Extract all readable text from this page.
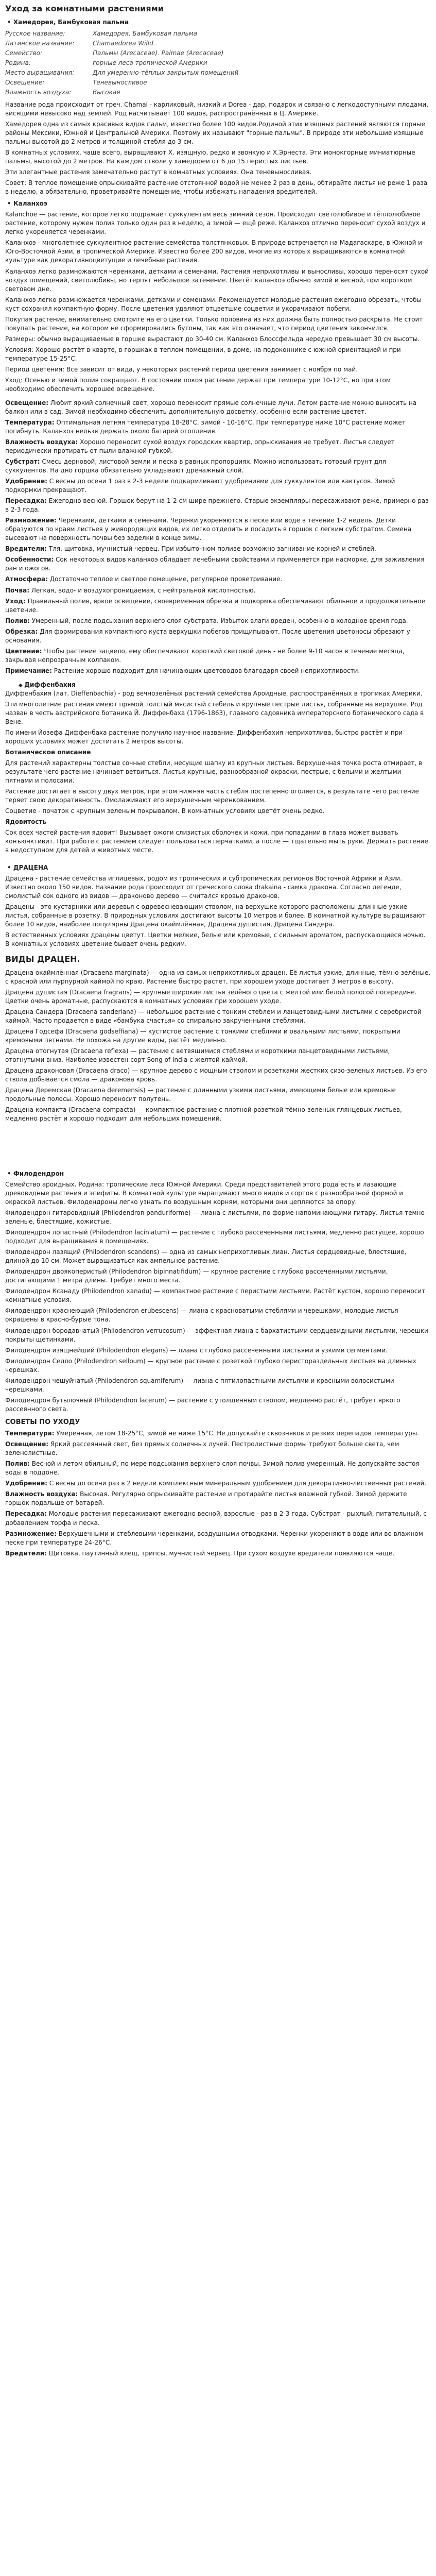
Уход за комнатными растениями
• Хамедорея, Бамбуковая пальма
Русское название:	Хамедорея, Бамбуковая пальма
Латинское название:	Chamaedorea Willd.
Семейство:	Пальмы (Arecaceae). Palmae (Arecaceae)
Родина:	горные леса тропической Америки
Место выращивания:	Для умеренно-тёплых закрытых помещений
Освещение:	Теневыносливое
Влажность воздуха:	Высокая

Название рода происходит от греч. Chamai - карликовый, низкий и Dorea - дар, подарок и связано с легкодоступными плодами, висящими невысоко над землей. Род насчитывает 100 видов, распространённых в Ц. Америке.

Хамедорея одна из самых красивых видов пальм, известно более 100 видов.Родиной этих изящных растений являются горные районы Мексики, Южной и Центральной Америки. Поэтому их называют "горные пальмы". В природе эти небольшие изящные пальмы высотой до 2 метров и толщиной стебля до 3 см.

В комнатных условиях, чаще всего, выращивают Х. изящную, редко и звонкую и Х.Эрнеста. Эти монокгорные миниатюрные пальмы, высотой до 2 метров. На каждом стволе у хамедореи от 6 до 15 перистых листьев.

Эти элегантные растения замечательно растут в комнатных условиях. Она теневыносливая.

Совет: В теплое помещение опрыскивайте растение отстоянной водой не менее 2 раз в день, обтирайте листья не реже 1 раза в неделю, а обязательно, проветривайте помещение, чтобы избежать нападения вредителей.

• Каланхоэ

Kalanchoe — растение, которое легко подражает суккулентам весь зимний сезон. Происходит светолюбивое и тёплолюбивое растение, которому нужен полив только один раз в неделю, а зимой — ещё реже. Каланхоэ отлично переносит сухой воздух и легко укореняется черенками.

Каланхоэ - многолетнее суккулентное растение семейства толстянковых. В природе встречается на Мадагаскаре, в Южной и Юго-Восточной Азии, в тропической Америке. Известно более 200 видов, многие из которых выращиваются в комнатной культуре как декоративноцветущие и лечебные растения.

Каланхоэ легко размножаются черенками, детками и семенами. Растения неприхотливы и выносливы, хорошо переносят сухой воздух помещений, светолюбивы, но терпят небольшое затенение. Цветёт каланхоэ обычно зимой и весной, при коротком световом дне.

Каланхоэ легко размножается черенками, детками и семенами. Рекомендуется молодые растения ежегодно обрезать, чтобы куст сохранял компактную форму. После цветения удаляют отцветшие соцветия и укорачивают побеги.

Покупая растение, внимательно смотрите на его цветки. Только половина из них должна быть полностью раскрыта. Не стоит покупать растение, на котором не сформировались бутоны, так как это означает, что период цветения закончился.

Размеры: обычно выращиваемые в горшке вырастают до 30-40 см. Каланхоэ Блоссфельда нередко превышает 30 см высоты.

Условия: Хорошо растёт в кварте, в горшках в теплом помещении, в доме, на подоконнике с южной ориентацией и при температуре 15-25°С.

Период цветения: Все зависит от вида, у некоторых растений период цветения занимает с ноября по май.

Уход: Осенью и зимой полив сокращают. В состоянии покоя растение держат при температуре 10-12°С, но при этом необходимо обеспечить хорошее освещение.

Освещение: Любит яркий солнечный свет, хорошо переносит прямые солнечные лучи. Летом растение можно выносить на балкон или в сад. Зимой необходимо обеспечить дополнительную досветку, особенно если растение цветет.

Температура: Оптимальная летняя температура 18-28°С, зимой - 10-16°С. При температуре ниже 10°С растение может погибнуть. Каланхоэ нельзя держать около батарей отопления.

Влажность воздуха: Хорошо переносит сухой воздух городских квартир, опрыскивания не требует. Листья следует периодически протирать от пыли влажной губкой.

Субстрат: Смесь дерновой, листовой земли и песка в равных пропорциях. Можно использовать готовый грунт для суккулентов. На дно горшка обязательно укладывают дренажный слой.

Удобрение: С весны до осени 1 раз в 2-3 недели подкармливают удобрениями для суккулентов или кактусов. Зимой подкормки прекращают.

Пересадка: Ежегодно весной. Горшок берут на 1-2 см шире прежнего. Старые экземпляры пересаживают реже, примерно раз в 2-3 года.

Размножение: Черенками, детками и семенами. Черенки укореняются в песке или воде в течение 1-2 недель. Детки образуются по краям листьев у живородящих видов, их легко отделить и посадить в горшок с легким субстратом. Семена высевают на поверхность почвы без заделки в конце зимы.

Вредители: Тля, щитовка, мучнистый червец. При избыточном поливе возможно загнивание корней и стеблей.

Особенности: Сок некоторых видов каланхоэ обладает лечебными свойствами и применяется при насморке, для заживления ран и ожогов.

Атмосфера: Достаточно теплое и светлое помещение, регулярное проветривание.

Почва: Легкая, водо- и воздухопроницаемая, с нейтральной кислотностью.

Уход: Правильный полив, яркое освещение, своевременная обрезка и подкормка обеспечивают обильное и продолжительное цветение.

Полив: Умеренный, после подсыхания верхнего слоя субстрата. Избыток влаги вреден, особенно в холодное время года.

Обрезка: Для формирования компактного куста верхушки побегов прищипывают. После цветения цветоносы обрезают у основания.

Цветение: Чтобы растение зацвело, ему обеспечивают короткий световой день - не более 9-10 часов в течение месяца, закрывая непрозрачным колпаком.

Примечание: Растение хорошо подходит для начинающих цветоводов благодаря своей неприхотливости.

◆ Диффенбахия

Диффенбахия (лат. Dieffenbachia) - род вечнозелёных растений семейства Ароидные, распространённых в тропиках Америки.

Эти многолетние растения имеют прямой толстый мясистый стебель и крупные пестрые листья, собранные на верхушке. Род назван в честь австрийского ботаника Й. Диффенбаха (1796-1863), главного садовника императорского ботанического сада в Вене.

По имени Йозефа Диффенбаха растение получило научное название. Диффенбахия неприхотлива, быстро растёт и при хороших условиях может достигать 2 метров высоты.

Ботаническое описание

Для растений характерны толстые сочные стебли, несущие шапку из крупных листьев. Верхушечная точка роста отмирает, в результате чего растение начинает ветвиться. Листья крупные, разнообразной окраски, пестрые, с белыми и желтыми пятнами и полосами.

Растение достигает в высоту двух метров, при этом нижняя часть стебля постепенно оголяется, в результате чего растение теряет свою декоративность. Омолаживают его верхушечным черенкованием.

Соцветие - початок с крупным зеленым покрывалом. В комнатных условиях цветёт очень редко.

Ядовитость

Сок всех частей растения ядовит! Вызывает ожоги слизистых оболочек и кожи, при попадании в глаза может вызвать конъюнктивит. При работе с растением следует пользоваться перчатками, а после — тщательно мыть руки. Держать растение в недоступном для детей и животных месте.

• ДРАЦЕНА

Драцена - растение семейства иглицевых, родом из тропических и субтропических регионов Восточной Африки и Азии. Известно около 150 видов. Название рода происходит от греческого слова drakaina - самка дракона. Согласно легенде, смолистый сок одного из видов — драконово дерево — считался кровью драконов.

Драцены - это кустарники или деревья с одревесневающим стволом, на верхушке которого расположены длинные узкие листья, собранные в розетку. В природных условиях достигают высоты 10 метров и более. В комнатной культуре выращивают более 10 видов, наиболее популярны Драцена окаймлённая, Драцена душистая, Драцена Сандера.

В естественных условиях драцены цветут. Цветки мелкие, белые или кремовые, с сильным ароматом, распускающиеся ночью. В комнатных условиях цветение бывает очень редким.

ВИДЫ ДРАЦЕН.

Драцена окаймлённая (Dracaena marginata) — одна из самых неприхотливых драцен. Её листья узкие, длинные, тёмно-зелёные, с красной или пурпурной каймой по краю. Растение быстро растет, при хорошем уходе достигает 3 метров в высоту.

Драцена душистая (Dracaena fragrans) — крупные широкие листья зелёного цвета с желтой или белой полосой посередине. Цветки очень ароматные, распускаются в комнатных условиях при хорошем уходе.

Драцена Сандера (Dracaena sanderiana) — небольшое растение с тонким стеблем и ланцетовидными листьями с серебристой каймой. Часто продается в виде «бамбука счастья» со спирально закрученными стеблями.

Драцена Годсефа (Dracaena godseffiana) — кустистое растение с тонкими стеблями и овальными листьями, покрытыми кремовыми пятнами. Не похожа на другие виды, растёт медленно.

Драцена отогнутая (Dracaena reflexa) — растение с ветвящимися стеблями и короткими ланцетовидными листьями, отогнутыми вниз. Наиболее известен сорт Song of India с желтой каймой.

Драцена драконовая (Dracaena draco) — крупное дерево с мощным стволом и розетками жестких сизо-зеленых листьев. Из его ствола добывается смола — драконова кровь.

Драцена Деремская (Dracaena deremensis) — растение с длинными узкими листьями, имеющими белые или кремовые продольные полосы. Хорошо переносит полутень.

Драцена компакта (Dracaena compacta) — компактное растение с плотной розеткой тёмно-зелёных глянцевых листьев, медленно растёт и хорошо подходит для небольших помещений.

• Филодендрон

Семейство ароидных. Родина: тропические леса Южной Америки. Среди представителей этого рода есть и лазающие древовидные растения и эпифиты. В комнатной культуре выращивают много видов и сортов с разнообразной формой и окраской листьев. Филодендроны легко узнать по воздушным корням, которыми они цепляются за опору.

Филодендрон гитаровидный (Philodendron panduriforme) — лиана с листьями, по форме напоминающими гитару. Листья темно-зеленые, блестящие, кожистые.

Филодендрон лопастный (Philodendron laciniatum) — растение с глубоко рассеченными листьями, медленно растущее, хорошо подходит для выращивания в помещениях.

Филодендрон лазящий (Philodendron scandens) — одна из самых неприхотливых лиан. Листья сердцевидные, блестящие, длиной до 10 см. Может выращиваться как ампельное растение.

Филодендрон двоякоперистый (Philodendron bipinnatifidum) — крупное растение с глубоко рассеченными листьями, достигающими 1 метра длины. Требует много места.

Филодендрон Ксанаду (Philodendron xanadu) — компактное растение с перистыми листьями. Растёт кустом, хорошо переносит комнатные условия.

Филодендрон краснеющий (Philodendron erubescens) — лиана с красноватыми стеблями и черешками, молодые листья окрашены в красно-бурые тона.

Филодендрон бородавчатый (Philodendron verrucosum) — эффектная лиана с бархатистыми сердцевидными листьями, черешки покрыты щетинками.

Филодендрон изящнейший (Philodendron elegans) — лиана с глубоко рассеченными листьями и узкими сегментами.

Филодендрон Селло (Philodendron selloum) — крупное растение с розеткой глубоко перистораздельных листьев на длинных черешках.

Филодендрон чешуйчатый (Philodendron squamiferum) — лиана с пятилопастными листьями и красными волосистыми черешками.

Филодендрон бутылочный (Philodendron lacerum) — растение с утолщенным стволом, медленно растёт, требует яркого рассеянного света.

СОВЕТЫ ПО УХОДУ

Температура: Умеренная, летом 18-25°С, зимой не ниже 15°С. Не допускайте сквозняков и резких перепадов температуры.

Освещение: Яркий рассеянный свет, без прямых солнечных лучей. Пестролистные формы требуют больше света, чем зеленолистные.

Полив: Весной и летом обильный, по мере подсыхания верхнего слоя почвы. Зимой полив умеренный. Не допускайте застоя воды в поддоне.

Удобрение: С весны до осени раз в 2 недели комплексным минеральным удобрением для декоративно-лиственных растений.

Влажность воздуха: Высокая. Регулярно опрыскивайте растение и протирайте листья влажной губкой. Зимой держите горшок подальше от батарей.

Пересадка: Молодые растения пересаживают ежегодно весной, взрослые - раз в 2-3 года. Субстрат - рыхлый, питательный, с добавлением торфа и песка.

Размножение: Верхушечными и стеблевыми черенками, воздушными отводками. Черенки укореняют в воде или во влажном песке при температуре 24-26°С.

Вредители: Щитовка, паутинный клещ, трипсы, мучнистый червец. При сухом воздухе вредители появляются чаще.
